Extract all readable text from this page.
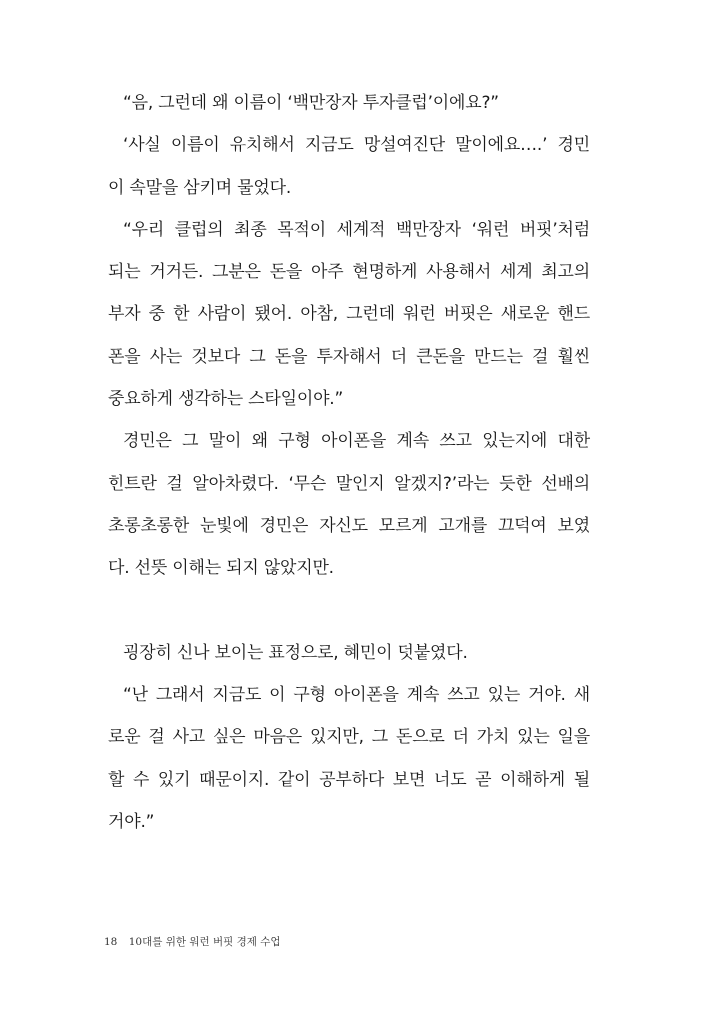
“음, 그런데 왜 이름이 ‘백만장자 투자클럽’이에요?”
‘사실 이름이 유치해서 지금도 망설여진단 말이에요….’ 경민
이 속말을 삼키며 물었다.
“우리 클럽의 최종 목적이 세계적 백만장자 ‘워런 버핏’처럼
되는 거거든. 그분은 돈을 아주 현명하게 사용해서 세계 최고의
부자 중 한 사람이 됐어. 아참, 그런데 워런 버핏은 새로운 핸드
폰을 사는 것보다 그 돈을 투자해서 더 큰돈을 만드는 걸 훨씬
중요하게 생각하는 스타일이야.”
경민은 그 말이 왜 구형 아이폰을 계속 쓰고 있는지에 대한
힌트란 걸 알아차렸다. ‘무슨 말인지 알겠지?’라는 듯한 선배의
초롱초롱한 눈빛에 경민은 자신도 모르게 고개를 끄덕여 보였
다. 선뜻 이해는 되지 않았지만.
굉장히 신나 보이는 표정으로, 혜민이 덧붙였다.
“난 그래서 지금도 이 구형 아이폰을 계속 쓰고 있는 거야. 새
로운 걸 사고 싶은 마음은 있지만, 그 돈으로 더 가치 있는 일을
할 수 있기 때문이지. 같이 공부하다 보면 너도 곧 이해하게 될
거야.”
18 10대를 위한 워런 버핏 경제 수업
